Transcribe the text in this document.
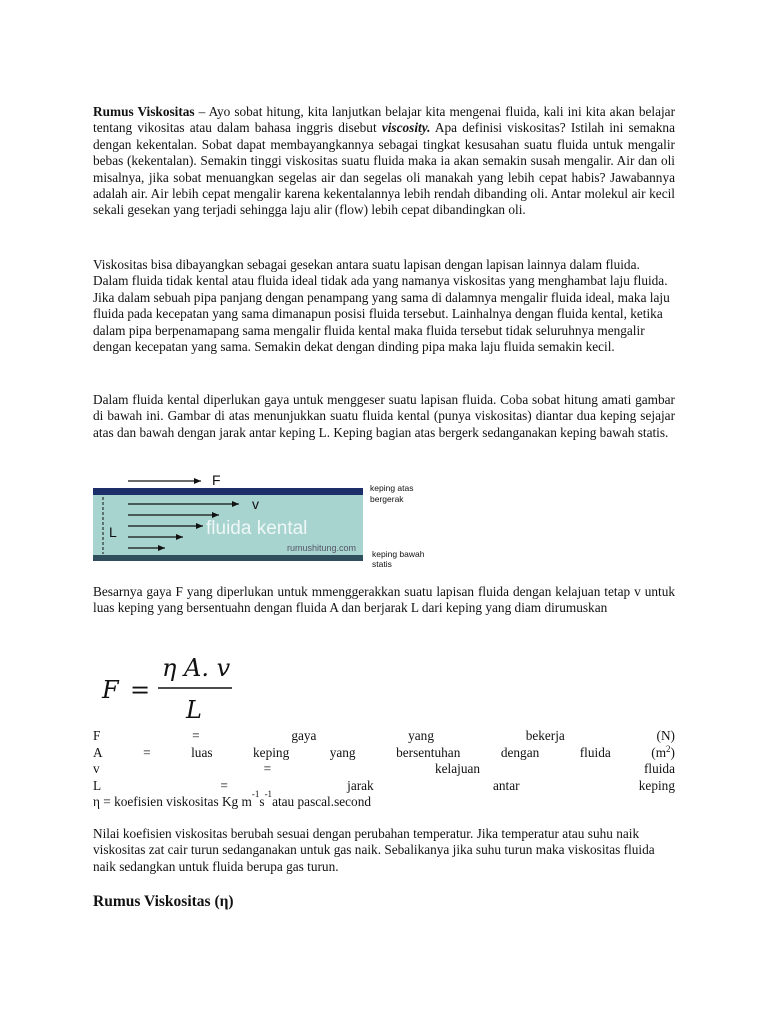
Rumus Viskositas – Ayo sobat hitung, kita lanjutkan belajar kita mengenai fluida, kali ini kita akan belajar tentang vikositas atau dalam bahasa inggris disebut viscosity. Apa definisi viskositas? Istilah ini semakna dengan kekentalan. Sobat dapat membayangkannya sebagai tingkat kesusahan suatu fluida untuk mengalir bebas (kekentalan). Semakin tinggi viskositas suatu fluida maka ia akan semakin susah mengalir. Air dan oli misalnya, jika sobat menuangkan segelas air dan segelas oli manakah yang lebih cepat habis? Jawabannya adalah air. Air lebih cepat mengalir karena kekentalannya lebih rendah dibanding oli. Antar molekul air kecil sekali gesekan yang terjadi sehingga laju alir (flow) lebih cepat dibandingkan oli.

Viskositas bisa dibayangkan sebagai gesekan antara suatu lapisan dengan lapisan lainnya dalam fluida. Dalam fluida tidak kental atau fluida ideal tidak ada yang namanya viskositas yang menghambat laju fluida. Jika dalam sebuah pipa panjang dengan penampang yang sama di dalamnya mengalir fluida ideal, maka laju fluida pada kecepatan yang sama dimanapun posisi fluida tersebut. Lainhalnya dengan fluida kental, ketika dalam pipa berpenamapang sama mengalir fluida kental maka fluida tersebut tidak seluruhnya mengalir dengan kecepatan yang sama. Semakin dekat dengan dinding pipa maka laju fluida semakin kecil.

Dalam fluida kental diperlukan gaya untuk menggeser suatu lapisan fluida. Coba sobat hitung amati gambar di bawah ini. Gambar di atas menunjukkan suatu fluida kental (punya viskositas) diantar dua keping sejajar atas dan bawah dengan jarak antar keping L. Keping bagian atas bergerk sedanganakan keping bawah statis.

F
v
L	fluida kental
rumushitung.com
keping atas
bergerak
keping bawah
statis

Besarnya gaya F yang diperlukan untuk mmenggerakkan suatu lapisan fluida dengan kelajuan tetap v untuk luas keping yang bersentuahn dengan fluida A dan berjarak L dari keping yang diam dirumuskan

F =
η A. v
L
F	=	gaya	yang	bekerja	(N)
A	=	luas	keping	yang	bersentuhan	dengan	fluida	$(m^2)$
v	=	kelajuan	fluida
L	=	jarak	antar	keping
η = koefisien viskositas Kg m -1 s -1 atau pascal.second

Nilai koefisien viskositas berubah sesuai dengan perubahan temperatur. Jika temperatur atau suhu naik viskositas zat cair turun sedanganakan untuk gas naik. Sebalikanya jika suhu turun maka viskositas fluida naik sedangkan untuk fluida berupa gas turun.

Rumus Viskositas (η)
